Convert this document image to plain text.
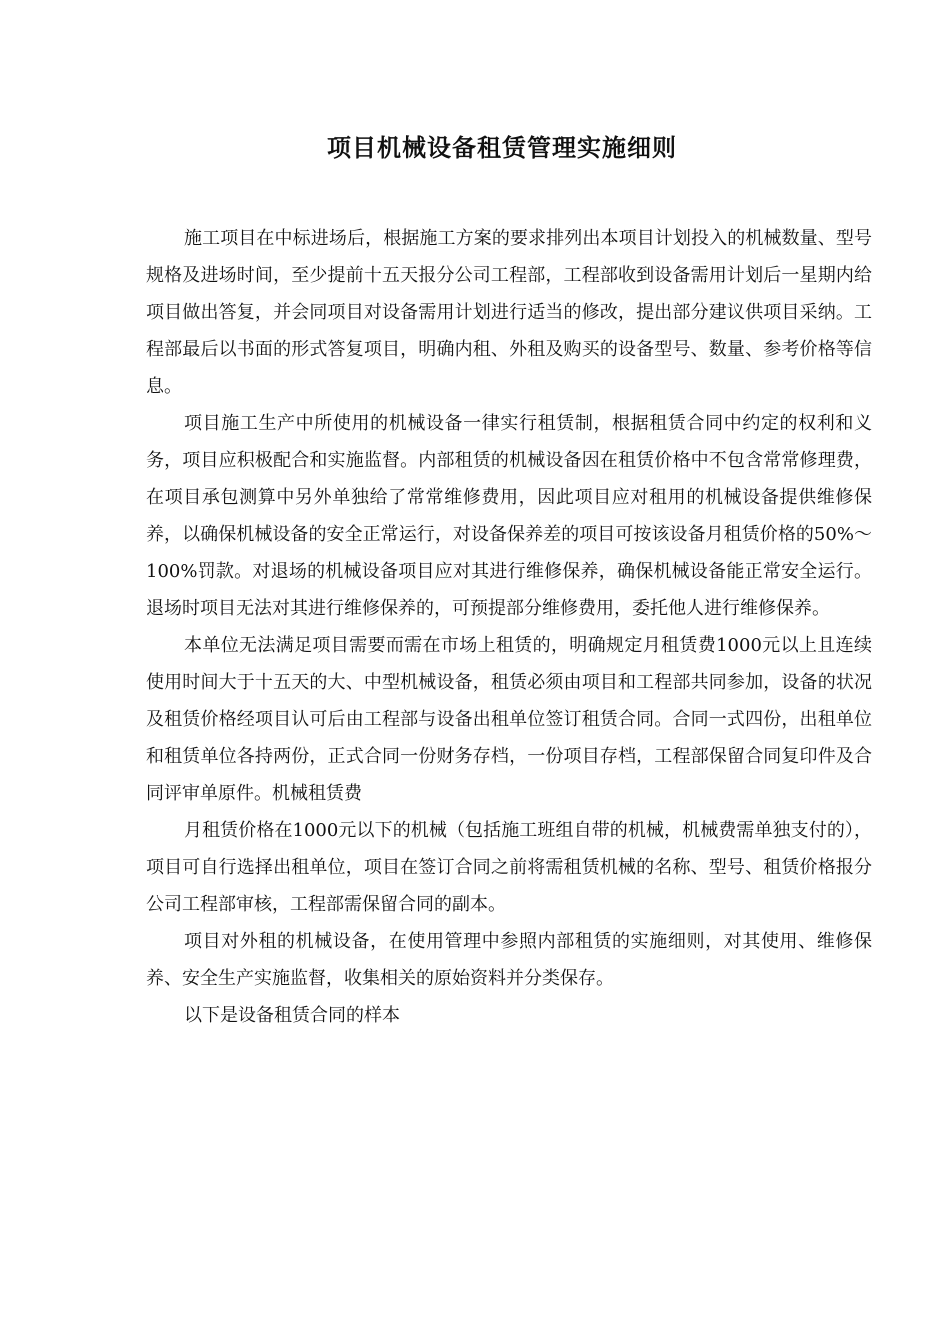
项目机械设备租赁管理实施细则

施工项目在中标进场后，根据施工方案的要求排列出本项目计划投入的机械数量、型号规格及进场时间，至少提前十五天报分公司工程部，工程部收到设备需用计划后一星期内给项目做出答复，并会同项目对设备需用计划进行适当的修改，提出部分建议供项目采纳。工程部最后以书面的形式答复项目，明确内租、外租及购买的设备型号、数量、参考价格等信息。

项目施工生产中所使用的机械设备一律实行租赁制，根据租赁合同中约定的权利和义务，项目应积极配合和实施监督。内部租赁的机械设备因在租赁价格中不包含常常修理费，在项目承包测算中另外单独给了常常维修费用，因此项目应对租用的机械设备提供维修保养，以确保机械设备的安全正常运行，对设备保养差的项目可按该设备月租赁价格的50%～100%罚款。对退场的机械设备项目应对其进行维修保养，确保机械设备能正常安全运行。退场时项目无法对其进行维修保养的，可预提部分维修费用，委托他人进行维修保养。

本单位无法满足项目需要而需在市场上租赁的，明确规定月租赁费1000元以上且连续使用时间大于十五天的大、中型机械设备，租赁必须由项目和工程部共同参加，设备的状况及租赁价格经项目认可后由工程部与设备出租单位签订租赁合同。合同一式四份，出租单位和租赁单位各持两份，正式合同一份财务存档，一份项目存档，工程部保留合同复印件及合同评审单原件。机械租赁费

月租赁价格在1000元以下的机械（包括施工班组自带的机械，机械费需单独支付的），项目可自行选择出租单位，项目在签订合同之前将需租赁机械的名称、型号、租赁价格报分公司工程部审核，工程部需保留合同的副本。

项目对外租的机械设备，在使用管理中参照内部租赁的实施细则，对其使用、维修保养、安全生产实施监督，收集相关的原始资料并分类保存。

以下是设备租赁合同的样本
